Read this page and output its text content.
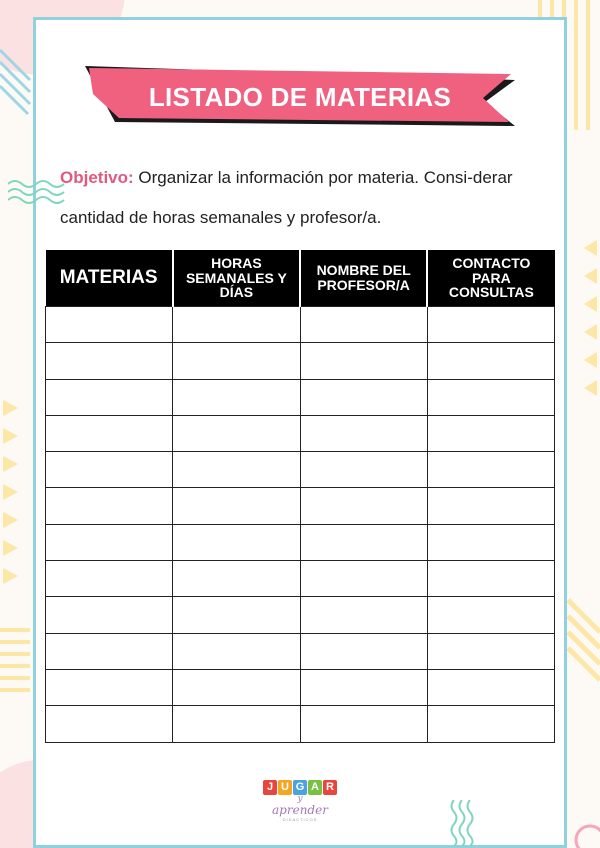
LISTADO DE MATERIAS
Objetivo: Organizar la información por materia. Consi-derar cantidad de horas semanales y profesor/a.
MATERIAS	HORAS SEMANALES Y DÍAS	NOMBRE DEL PROFESOR/A	CONTACTO PARA CONSULTAS

J U G A R
y
aprender
DIDACTICOS
